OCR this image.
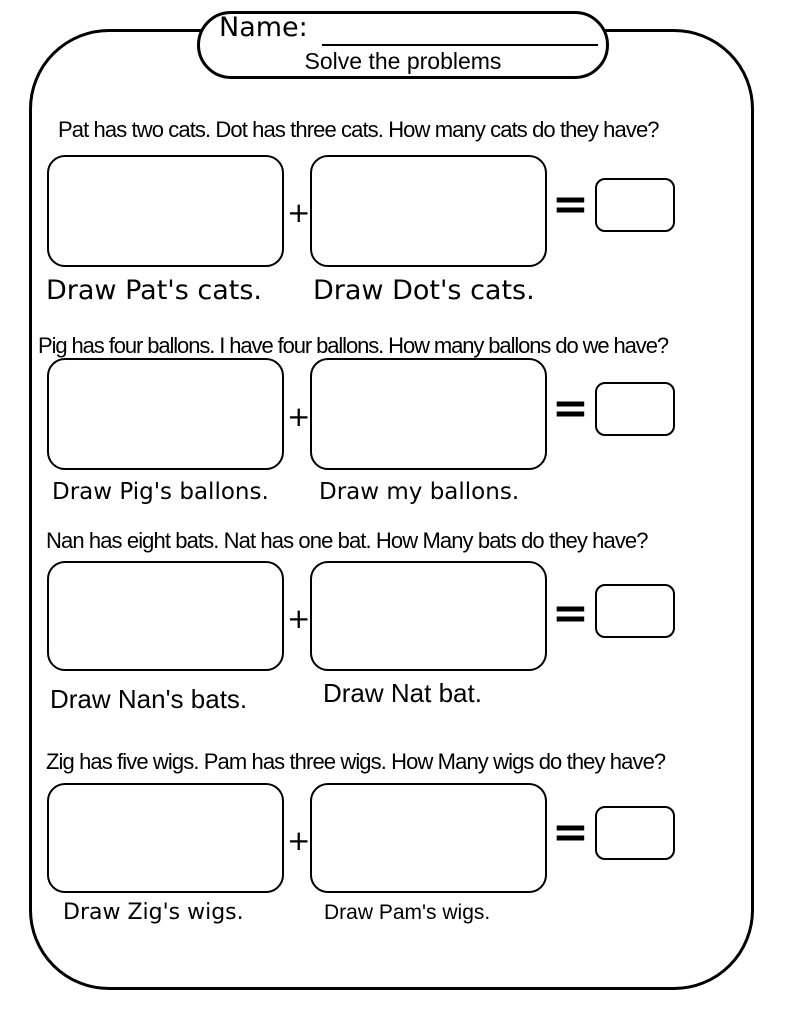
Name:
Solve the problems
Pat has two cats. Dot has three cats. How many cats do they have?
+	=
Draw Pat's cats. Draw Dot's cats.
Pig has four ballons. I have four ballons. How many ballons do we have?
+	=
Draw Pig's ballons. Draw my ballons.
Nan has eight bats. Nat has one bat. How Many bats do they have?
+	=
Draw Nan's bats.	Draw Nat bat.
Zig has five wigs. Pam has three wigs. How Many wigs do they have?
+	=
Draw Zig's wigs.	Draw Pam's wigs.
